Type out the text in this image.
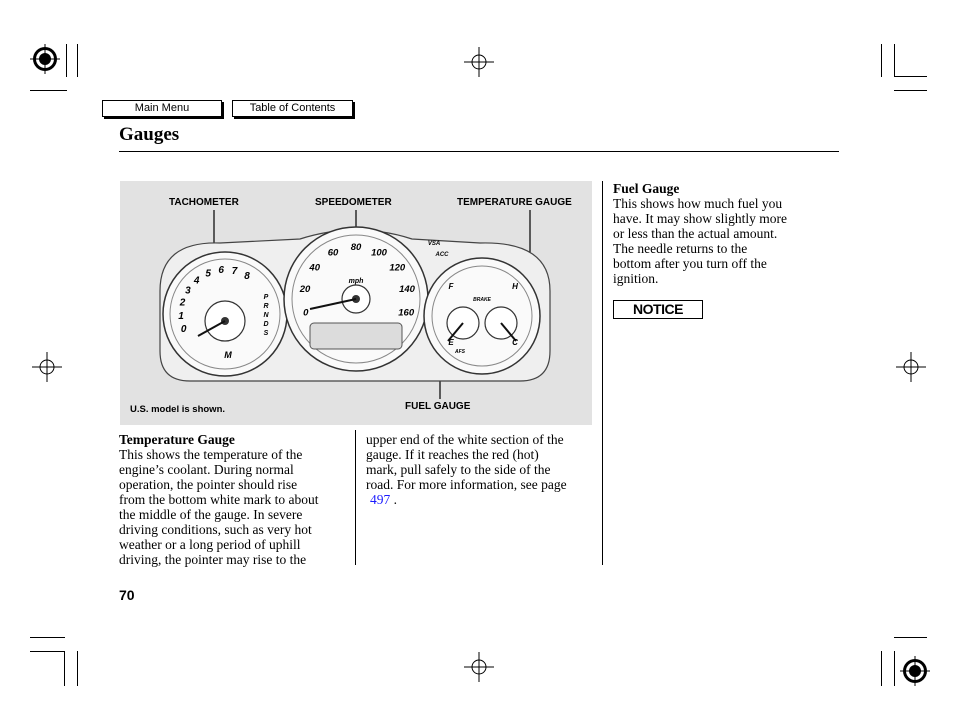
Main Menu	Table of Contents
Gauges
TACHOMETER	SPEEDOMETER	TEMPERATURE GAUGE
FUEL GAUGE
U.S. model is shown.
0
1
2
3
4
5 6 7 8
P
R
N
D
S
M
0
20
40
60 80 100
120
140
160
mph
VSA
ACC
F
E
H
C
BRAKE
AFS
Temperature Gauge
This shows the temperature of the
engine’s coolant. During normal
operation, the pointer should rise
from the bottom white mark to about
the middle of the gauge. In severe
driving conditions, such as very hot
weather or a long period of uphill
driving, the pointer may rise to the
upper end of the white section of the
gauge. If it reaches the red (hot)
mark, pull safely to the side of the
road. For more information, see page
497 .
Fuel Gauge
This shows how much fuel you
have. It may show slightly more
or less than the actual amount.
The needle returns to the
bottom after you turn off the
ignition.
NOTICE
70
